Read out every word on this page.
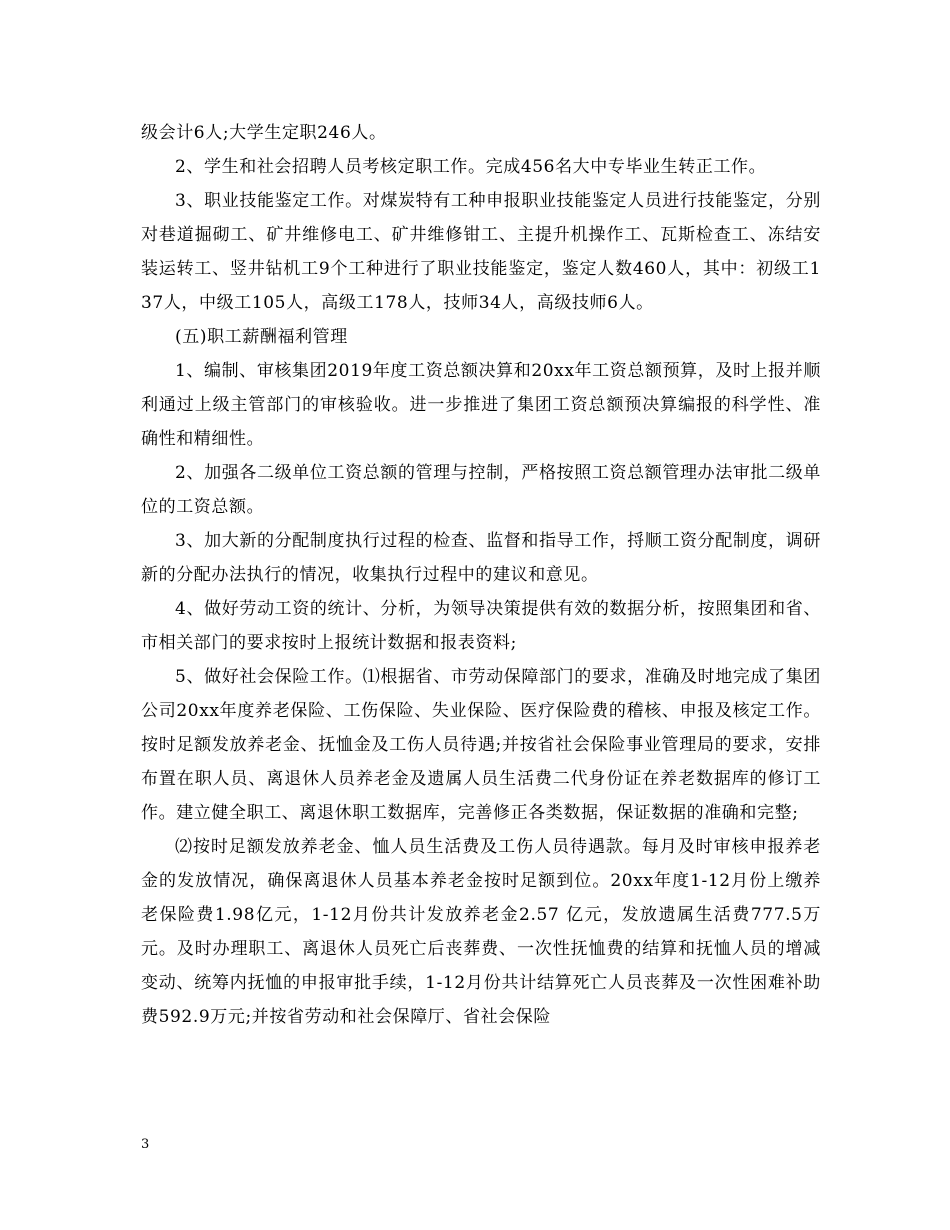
级会计6人;大学生定职246人。

2、学生和社会招聘人员考核定职工作。完成456名大中专毕业生转正工作。

3、职业技能鉴定工作。对煤炭特有工种申报职业技能鉴定人员进行技能鉴定，分别对巷道掘砌工、矿井维修电工、矿井维修钳工、主提升机操作工、瓦斯检查工、冻结安装运转工、竖井钻机工9个工种进行了职业技能鉴定，鉴定人数460人，其中：初级工137人，中级工105人，高级工178人，技师34人，高级技师6人。

(五)职工薪酬福利管理

1、编制、审核集团2019年度工资总额决算和20xx年工资总额预算，及时上报并顺利通过上级主管部门的审核验收。进一步推进了集团工资总额预决算编报的科学性、准确性和精细性。

2、加强各二级单位工资总额的管理与控制，严格按照工资总额管理办法审批二级单位的工资总额。

3、加大新的分配制度执行过程的检查、监督和指导工作，捋顺工资分配制度，调研新的分配办法执行的情况，收集执行过程中的建议和意见。

4、做好劳动工资的统计、分析，为领导决策提供有效的数据分析，按照集团和省、市相关部门的要求按时上报统计数据和报表资料;

5、做好社会保险工作。⑴根据省、市劳动保障部门的要求，准确及时地完成了集团公司20xx年度养老保险、工伤保险、失业保险、医疗保险费的稽核、申报及核定工作。按时足额发放养老金、抚恤金及工伤人员待遇;并按省社会保险事业管理局的要求，安排布置在职人员、离退休人员养老金及遗属人员生活费二代身份证在养老数据库的修订工作。建立健全职工、离退休职工数据库，完善修正各类数据，保证数据的准确和完整;

⑵按时足额发放养老金、恤人员生活费及工伤人员待遇款。每月及时审核申报养老金的发放情况，确保离退休人员基本养老金按时足额到位。20xx年度1-12月份上缴养老保险费1.98亿元，1-12月份共计发放养老金2.57 亿元，发放遗属生活费777.5万元。及时办理职工、离退休人员死亡后丧葬费、一次性抚恤费的结算和抚恤人员的增减变动、统筹内抚恤的申报审批手续，1-12月份共计结算死亡人员丧葬及一次性困难补助费592.9万元;并按省劳动和社会保障厅、省社会保险

3
